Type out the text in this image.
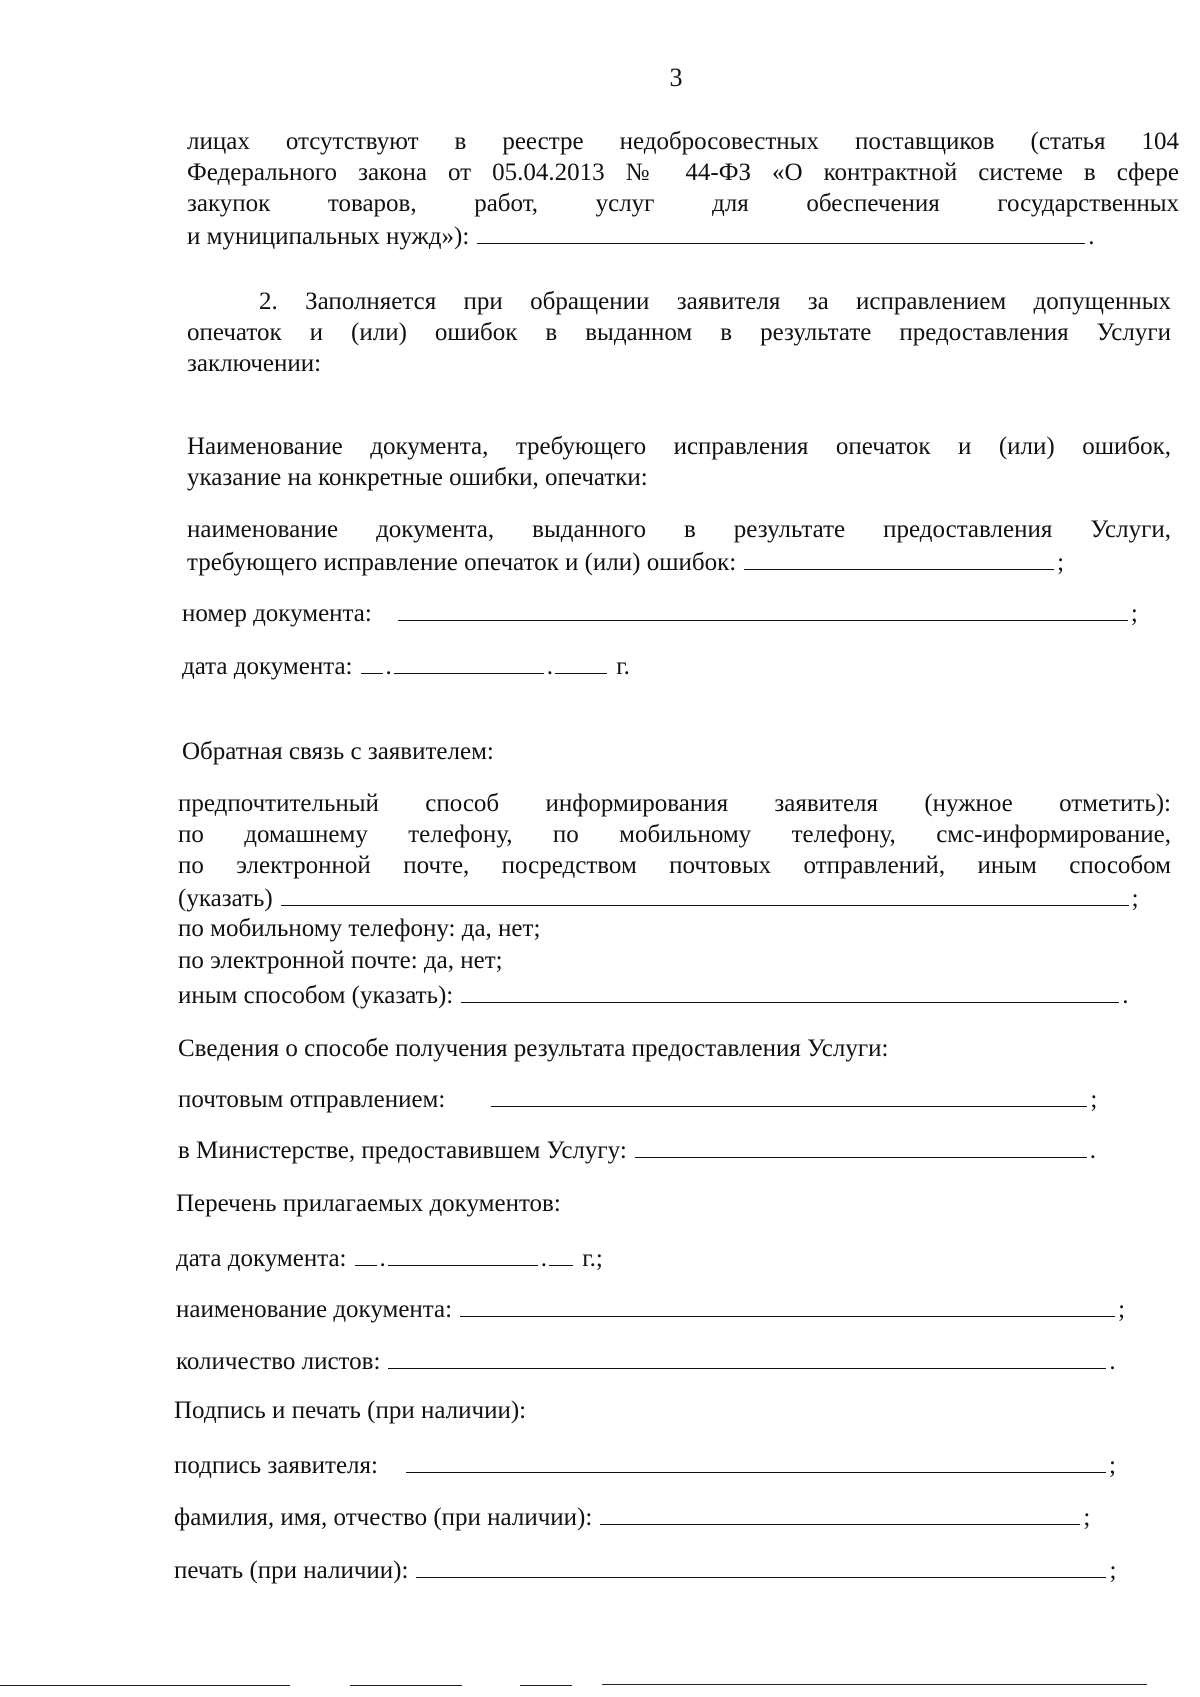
3
лицах отсутствуют в реестре недобросовестных поставщиков (статья 104
Федерального закона от 05.04.2013 № 44-ФЗ «О контрактной системе в сфере
закупок товаров, работ, услуг для обеспечения государственных
и муниципальных нужд»):	.
2. Заполняется при обращении заявителя за исправлением допущенных
опечаток и (или) ошибок в выданном в результате предоставления Услуги
заключении:
Наименование документа, требующего исправления опечаток и (или) ошибок,
указание на конкретные ошибки, опечатки:
наименование документа, выданного в результате предоставления Услуги,
требующего исправление опечаток и (или) ошибок:	;
номер документа:	;
дата документа: .	.	г.
Обратная связь с заявителем:
предпочтительный способ информирования заявителя (нужное отметить):
по домашнему телефону, по мобильному телефону, смс-информирование,
по электронной почте, посредством почтовых отправлений, иным способом
(указать)	;
по мобильному телефону: да, нет;
по электронной почте: да, нет;
иным способом (указать):	.
Сведения о способе получения результата предоставления Услуги:
почтовым отправлением:	;
в Министерстве, предоставившем Услугу:	.
Перечень прилагаемых документов:
дата документа: .	. г.;
наименование документа:	;
количество листов:	.
Подпись и печать (при наличии):
подпись заявителя:	;
фамилия, имя, отчество (при наличии):	;
печать (при наличии):	;
